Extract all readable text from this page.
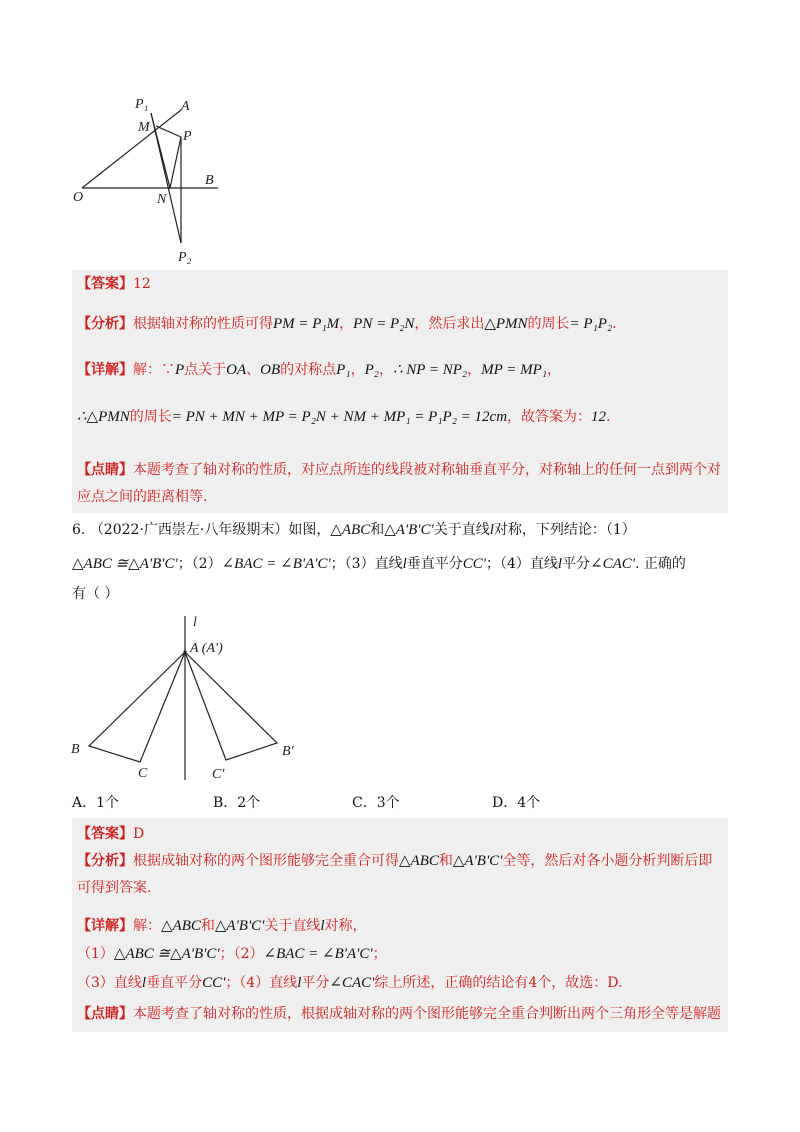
P₁ A
M
P
B
O	N
P₂
【答案】12
【分析】根据轴对称的性质可得PM = P₁M，PN = P₂N，然后求出△PMN的周长= P₁P₂.
【详解】解：∵P点关于OA、OB的对称点P₁，P₂，∴ NP = NP₂，MP = MP₁，
∴△PMN的周长= PN + MN + MP = P₂N + NM + MP₁ = P₁P₂ = 12cm，故答案为：12.
【点睛】本题考查了轴对称的性质，对应点所连的线段被对称轴垂直平分，对称轴上的任何一点到两个对应点之间的距离相等.
6. （2022·广西崇左·八年级期末）如图，△ABC和△A'B'C'关于直线l对称，下列结论：（1）
△ABC ≅△A'B'C'；（2）∠BAC = ∠B'A'C'；（3）直线l垂直平分CC'；（4）直线l平分∠CAC'. 正确的
有（ ）
l
A (A′)
B
C	C′
B′
A．1个	B．2个	C．3个	D．4个
【答案】D
【分析】根据成轴对称的两个图形能够完全重合可得△ABC和△A'B'C'全等，然后对各小题分析判断后即可得到答案.
【详解】解：△ABC和△A'B'C'关于直线l对称，
（1）△ABC ≅△A'B'C'；（2）∠BAC = ∠B'A'C'；
（3）直线l垂直平分CC'；（4）直线l平分∠CAC'综上所述，正确的结论有4个，故选：D.
【点睛】本题考查了轴对称的性质，根据成轴对称的两个图形能够完全重合判断出两个三角形全等是解题
